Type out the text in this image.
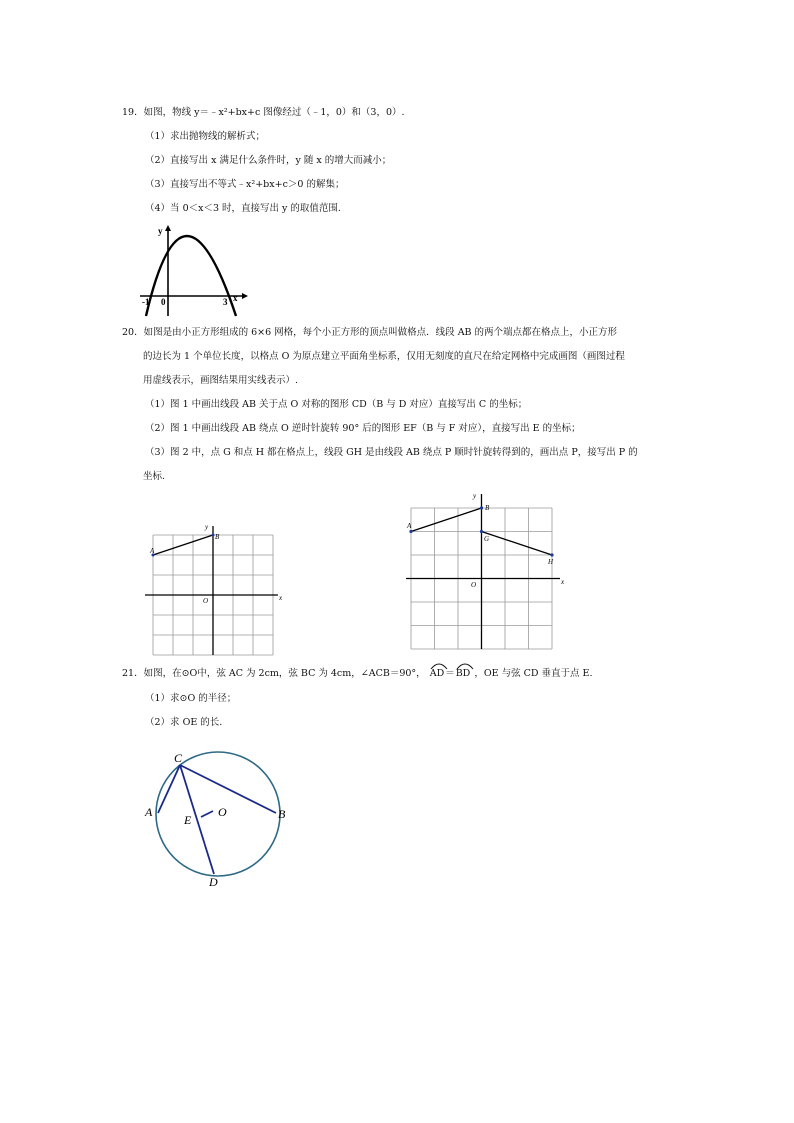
19．如图，物线 y＝﹣x²+bx+c 图像经过（﹣1，0）和（3，0）.
（1）求出抛物线的解析式；
（2）直接写出 x 满足什么条件时，y 随 x 的增大而减小；
（3）直接写出不等式﹣x²+bx+c＞0 的解集；
（4）当 0＜x＜3 时，直接写出 y 的取值范围.
y
x
-1 0	3
20．如图是由小正方形组成的 6×6 网格，每个小正方形的顶点叫做格点．线段 AB 的两个端点都在格点上，小正方形
的边长为 1 个单位长度，以格点 O 为原点建立平面角坐标系，仅用无刻度的直尺在给定网格中完成画图（画图过程
用虚线表示，画图结果用实线表示）.
（1）图 1 中画出线段 AB 关于点 O 对称的图形 CD（B 与 D 对应）直接写出 C 的坐标；
（2）图 1 中画出线段 AB 绕点 O 逆时针旋转 90° 后的图形 EF（B 与 F 对应），直接写出 E 的坐标；
（3）图 2 中，点 G 和点 H 都在格点上，线段 GH 是由线段 AB 绕点 P 顺时针旋转得到的，画出点 P，接写出 P 的
坐标.
A
B
O	x
y	A
B
G
H
O	x
y
21．如图，在⊙O中，弦 AC 为 2cm，弦 BC 为 4cm，∠ACB＝90°， AD＝
BD ，OE 与弦 CD 垂直于点 E.
（1）求⊙O 的半径；
（2）求 OE 的长.
C
A	B
O
E
D
